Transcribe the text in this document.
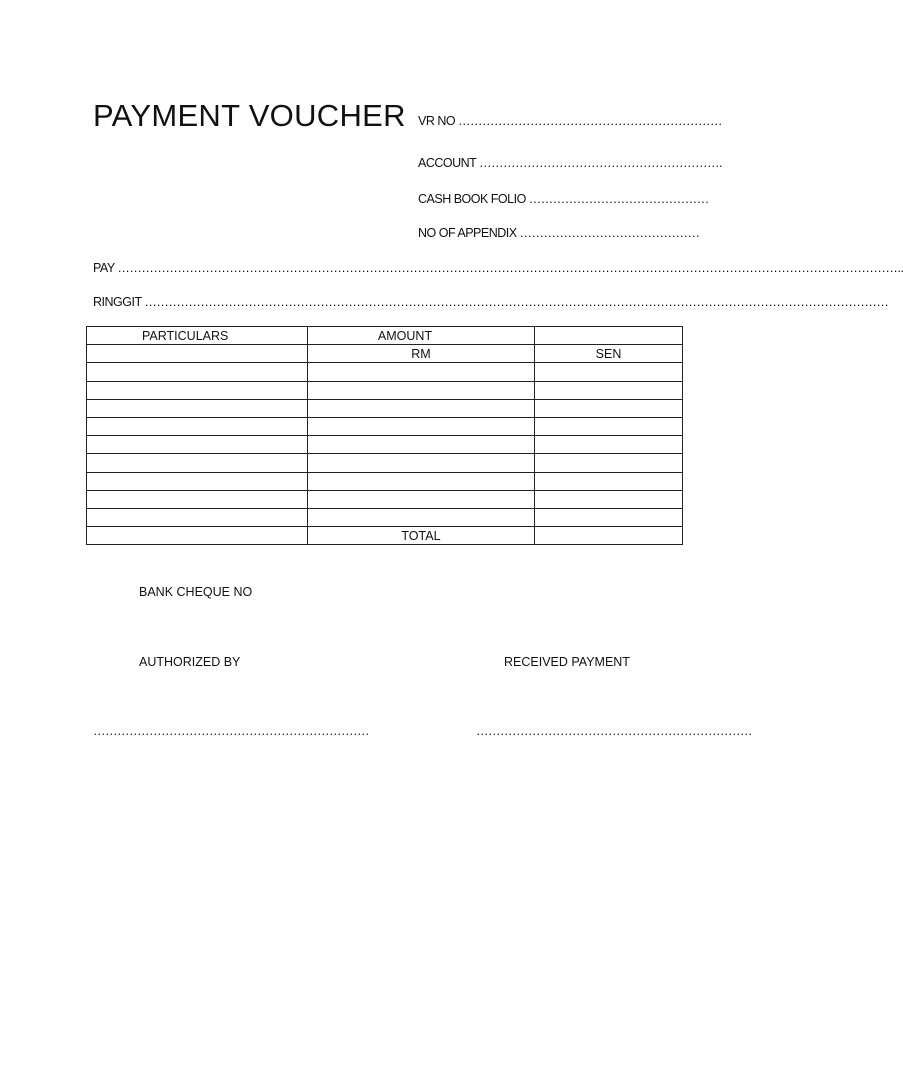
PAYMENT VOUCHER VR NO …………………………………………………………
ACCOUNT …………………………………………………….
CASH BOOK FOLIO ………………………………………
NO OF APPENDIX ………………………………………
PAY ……………………………………………………………………………………………………………………………………………………………………………..
RINGGIT ……………………………………………………………………………………………………………………………………………………………………
PARTICULARS	AMOUNT	
	RM	SEN

	TOTAL	
BANK CHEQUE NO
AUTHORIZED BY	RECEIVED PAYMENT
……………………………………………………………	……………………………………………………………
